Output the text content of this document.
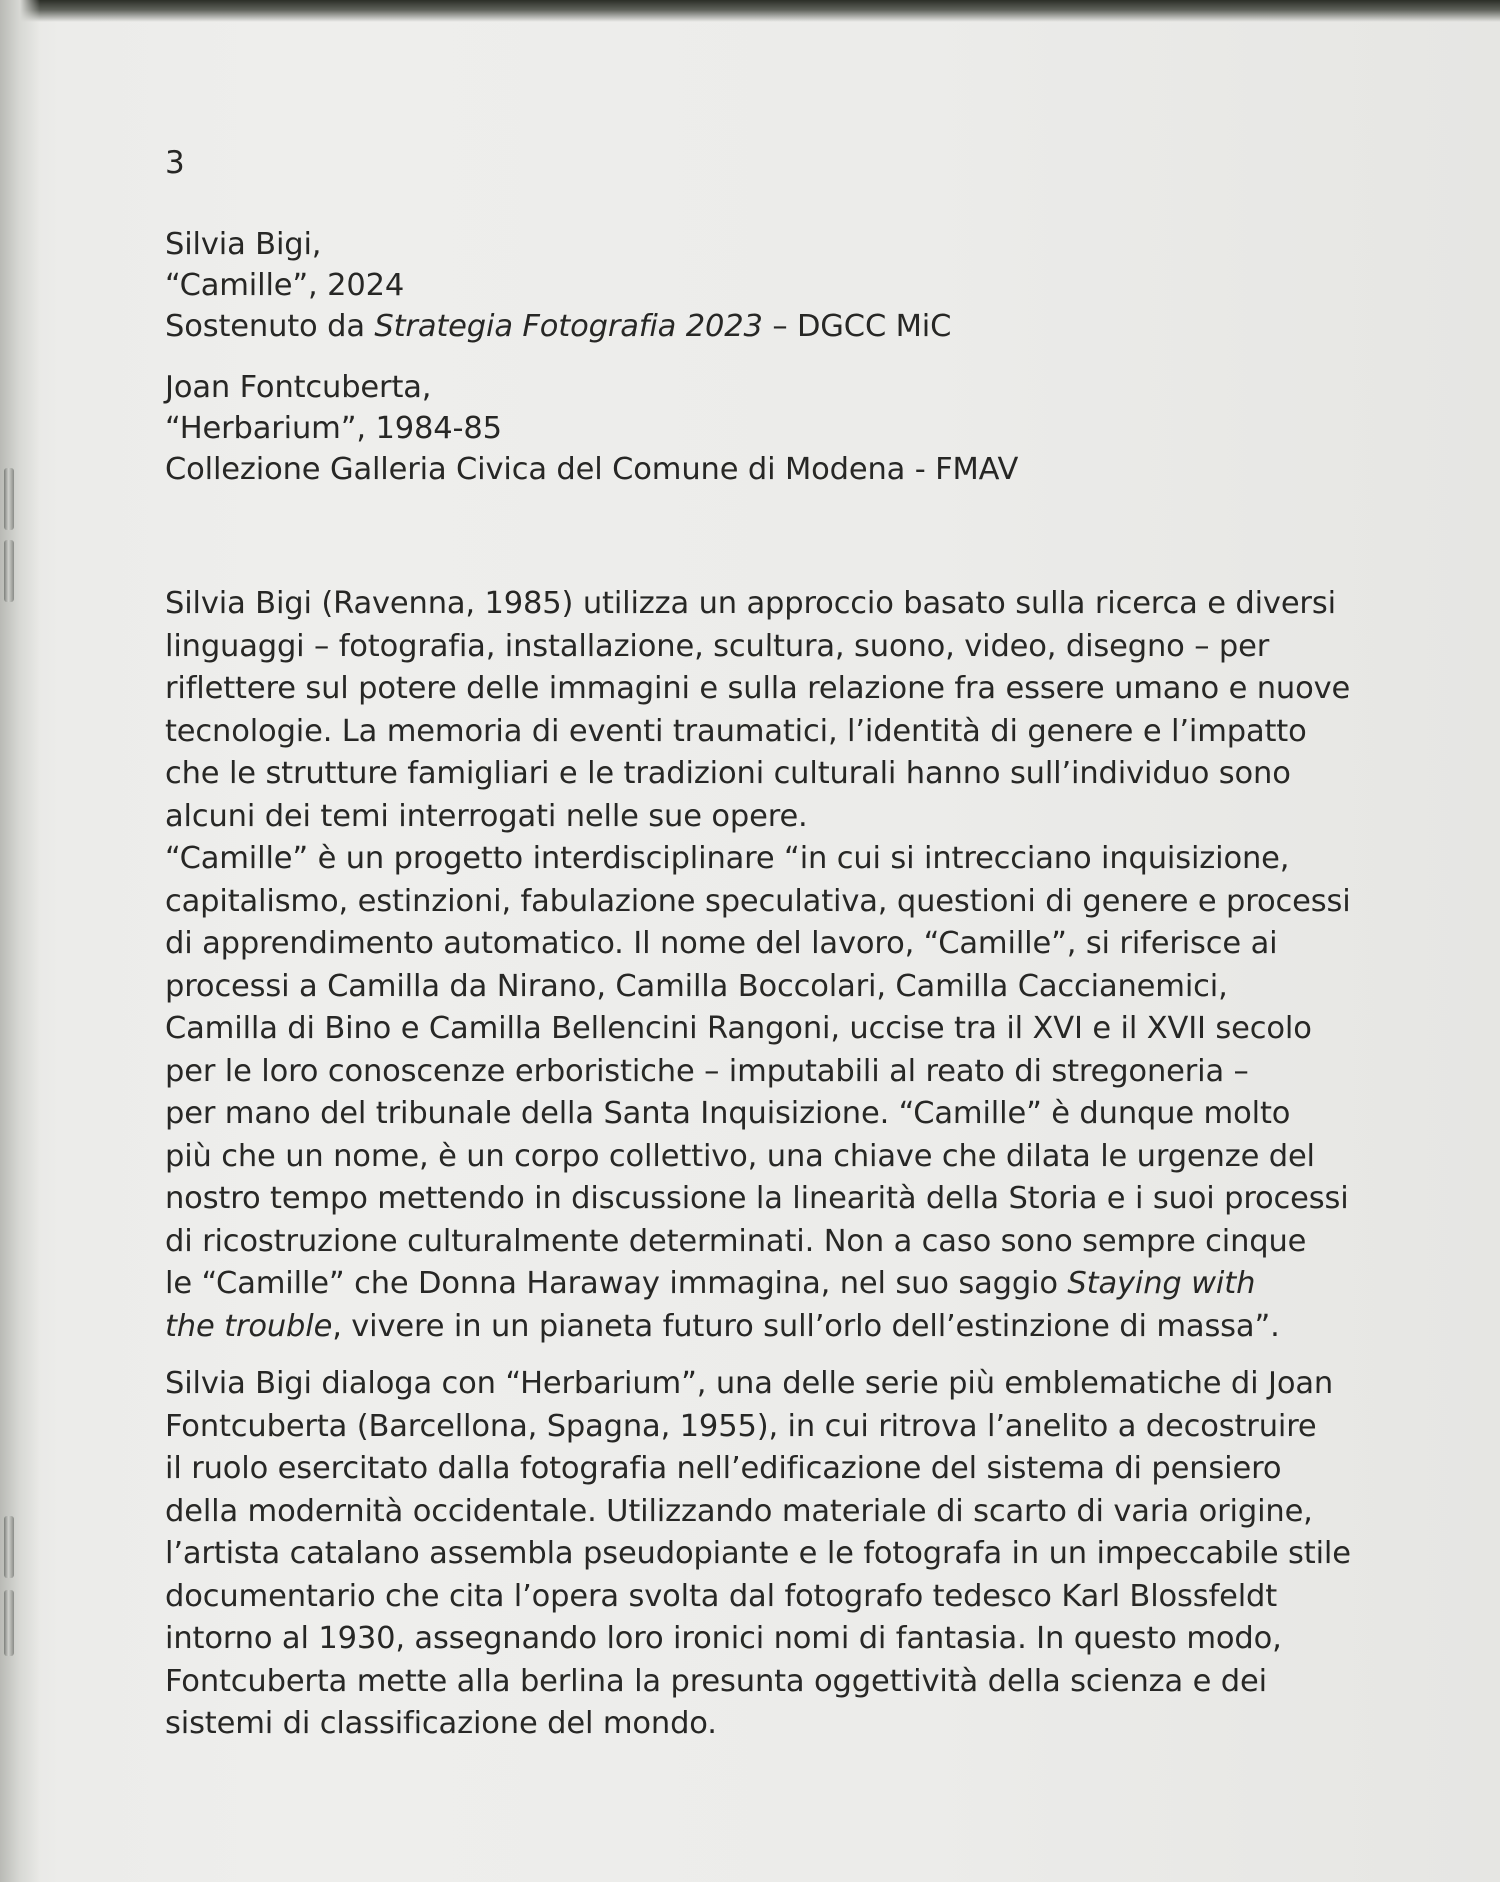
3
Silvia Bigi,
“Camille”, 2024
Sostenuto da Strategia Fotografia 2023 – DGCC MiC
Joan Fontcuberta,
“Herbarium”, 1984-85
Collezione Galleria Civica del Comune di Modena - FMAV
Silvia Bigi (Ravenna, 1985) utilizza un approccio basato sulla ricerca e diversi
linguaggi – fotografia, installazione, scultura, suono, video, disegno – per
riflettere sul potere delle immagini e sulla relazione fra essere umano e nuove
tecnologie. La memoria di eventi traumatici, l’identità di genere e l’impatto
che le strutture famigliari e le tradizioni culturali hanno sull’individuo sono
alcuni dei temi interrogati nelle sue opere.
“Camille” è un progetto interdisciplinare “in cui si intrecciano inquisizione,
capitalismo, estinzioni, fabulazione speculativa, questioni di genere e processi
di apprendimento automatico. Il nome del lavoro, “Camille”, si riferisce ai
processi a Camilla da Nirano, Camilla Boccolari, Camilla Caccianemici,
Camilla di Bino e Camilla Bellencini Rangoni, uccise tra il XVI e il XVII secolo
per le loro conoscenze erboristiche – imputabili al reato di stregoneria –
per mano del tribunale della Santa Inquisizione. “Camille” è dunque molto
più che un nome, è un corpo collettivo, una chiave che dilata le urgenze del
nostro tempo mettendo in discussione la linearità della Storia e i suoi processi
di ricostruzione culturalmente determinati. Non a caso sono sempre cinque
le “Camille” che Donna Haraway immagina, nel suo saggio Staying with
the trouble, vivere in un pianeta futuro sull’orlo dell’estinzione di massa”.
Silvia Bigi dialoga con “Herbarium”, una delle serie più emblematiche di Joan
Fontcuberta (Barcellona, Spagna, 1955), in cui ritrova l’anelito a decostruire
il ruolo esercitato dalla fotografia nell’edificazione del sistema di pensiero
della modernità occidentale. Utilizzando materiale di scarto di varia origine,
l’artista catalano assembla pseudopiante e le fotografa in un impeccabile stile
documentario che cita l’opera svolta dal fotografo tedesco Karl Blossfeldt
intorno al 1930, assegnando loro ironici nomi di fantasia. In questo modo,
Fontcuberta mette alla berlina la presunta oggettività della scienza e dei
sistemi di classificazione del mondo.
